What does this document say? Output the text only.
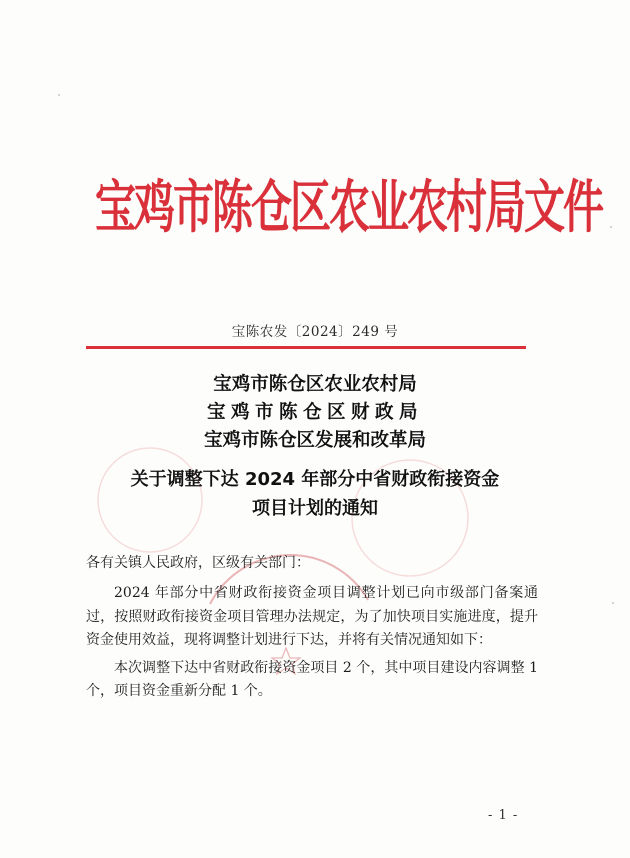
宝鸡市陈仓区农业农村局文件
宝陈农发〔2024〕249 号
宝鸡市陈仓区农业农村局
宝鸡市陈仓区财政局
宝鸡市陈仓区发展和改革局
关于调整下达 2024 年部分中省财政衔接资金
项目计划的通知
各有关镇人民政府，区级有关部门：
2024 年部分中省财政衔接资金项目调整计划已向市级部门备案通过，按照财政衔接资金项目管理办法规定，为了加快项目实施进度，提升资金使用效益，现将调整计划进行下达，并将有关情况通知如下：
本次调整下达中省财政衔接资金项目 2 个，其中项目建设内容调整 1 个，项目资金重新分配 1 个。
- 1 -
